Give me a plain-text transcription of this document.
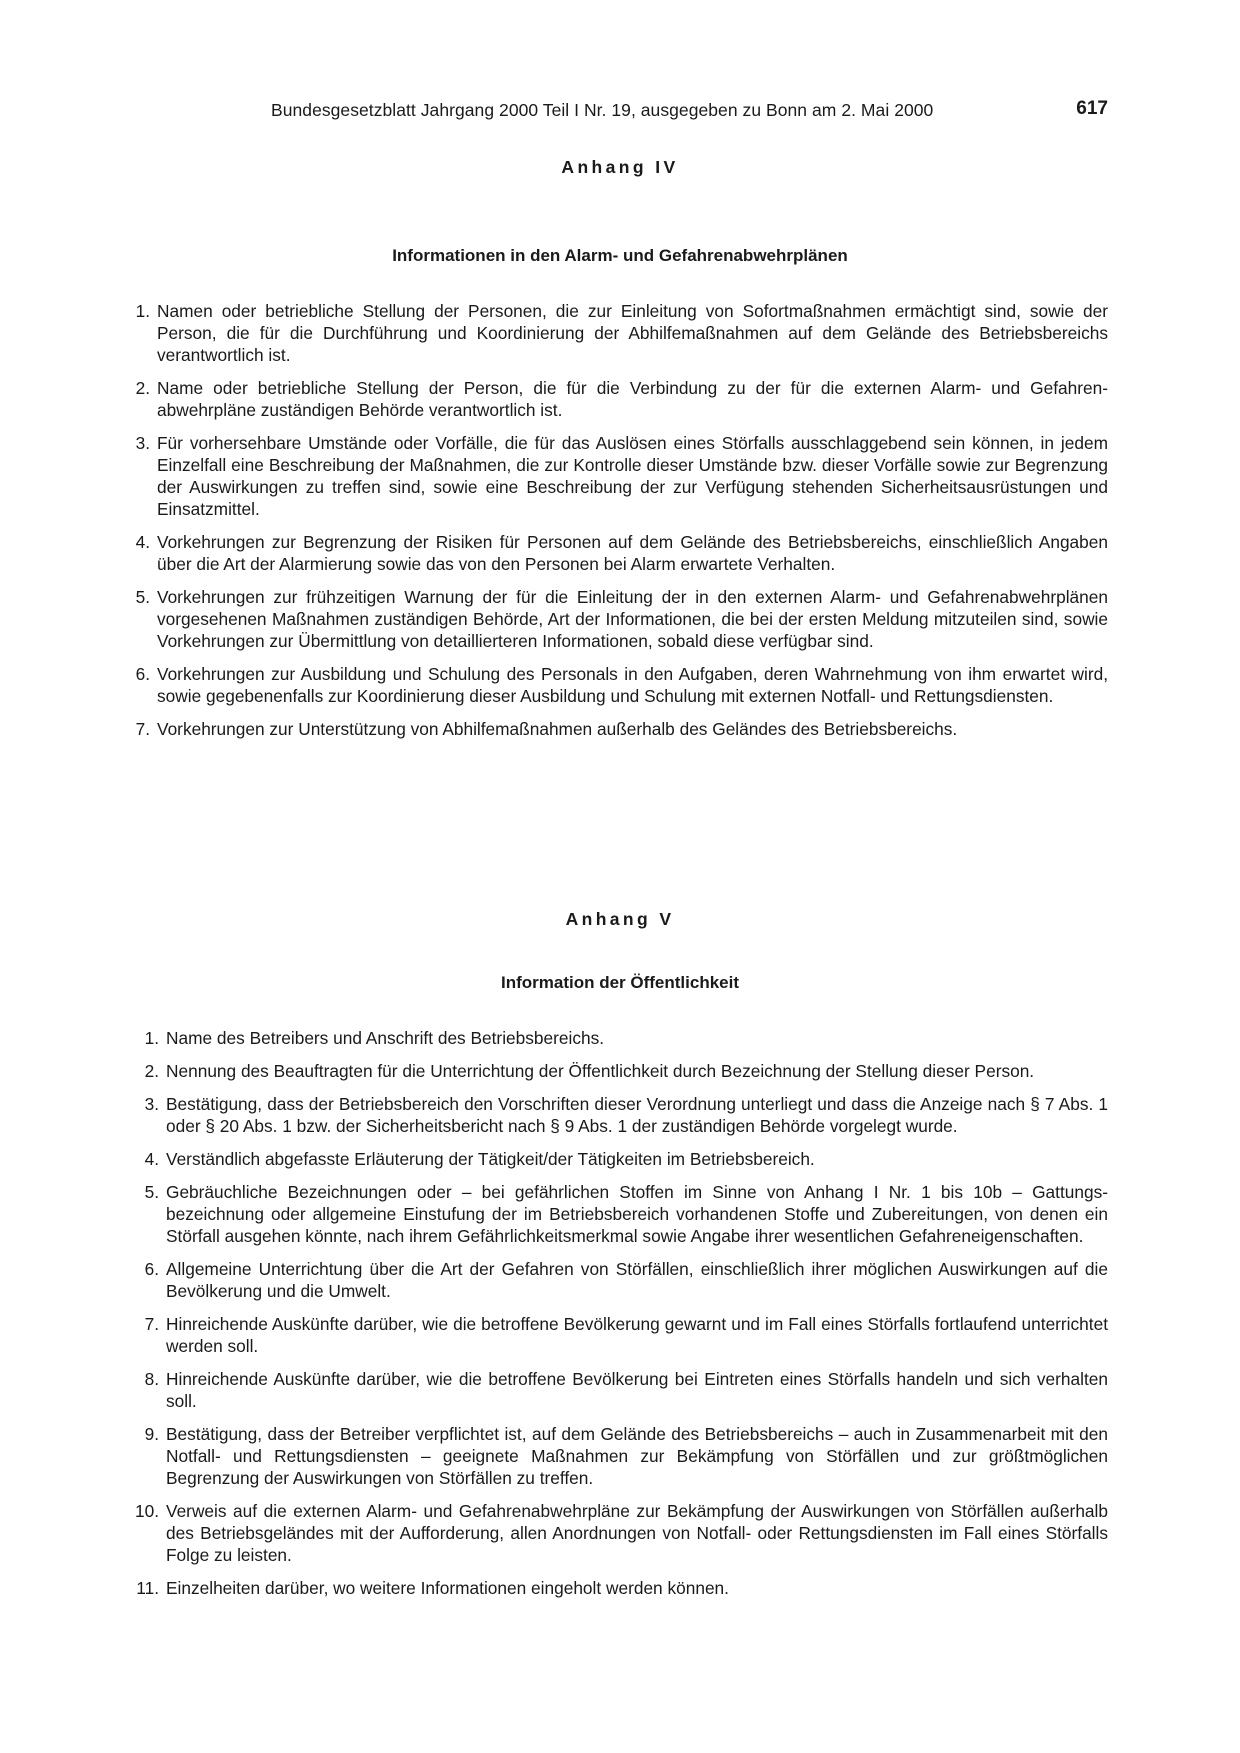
Bundesgesetzblatt Jahrgang 2000 Teil I Nr. 19, ausgegeben zu Bonn am 2. Mai 2000	617
Anhang IV
Informationen in den Alarm- und Gefahrenabwehrplänen
1. Namen oder betriebliche Stellung der Personen, die zur Einleitung von Sofortmaßnahmen ermächtigt sind, sowie der Person, die für die Durchführung und Koordinierung der Abhilfemaßnahmen auf dem Gelände des Betriebsbereichs verantwortlich ist.
2. Name oder betriebliche Stellung der Person, die für die Verbindung zu der für die externen Alarm- und Gefahrenabwehrpläne zuständigen Behörde verantwortlich ist.
3. Für vorhersehbare Umstände oder Vorfälle, die für das Auslösen eines Störfalls ausschlaggebend sein können, in jedem Einzelfall eine Beschreibung der Maßnahmen, die zur Kontrolle dieser Umstände bzw. dieser Vorfälle sowie zur Begrenzung der Auswirkungen zu treffen sind, sowie eine Beschreibung der zur Verfügung stehenden Sicherheitsausrüstungen und Einsatzmittel.
4. Vorkehrungen zur Begrenzung der Risiken für Personen auf dem Gelände des Betriebsbereichs, einschließlich Angaben über die Art der Alarmierung sowie das von den Personen bei Alarm erwartete Verhalten.
5. Vorkehrungen zur frühzeitigen Warnung der für die Einleitung der in den externen Alarm- und Gefahrenabwehrplänen vorgesehenen Maßnahmen zuständigen Behörde, Art der Informationen, die bei der ersten Meldung mitzuteilen sind, sowie Vorkehrungen zur Übermittlung von detaillierteren Informationen, sobald diese verfügbar sind.
6. Vorkehrungen zur Ausbildung und Schulung des Personals in den Aufgaben, deren Wahrnehmung von ihm erwartet wird, sowie gegebenenfalls zur Koordinierung dieser Ausbildung und Schulung mit externen Notfall- und Rettungsdiensten.
7. Vorkehrungen zur Unterstützung von Abhilfemaßnahmen außerhalb des Geländes des Betriebsbereichs.
Anhang V
Information der Öffentlichkeit
1. Name des Betreibers und Anschrift des Betriebsbereichs.
2. Nennung des Beauftragten für die Unterrichtung der Öffentlichkeit durch Bezeichnung der Stellung dieser Person.
3. Bestätigung, dass der Betriebsbereich den Vorschriften dieser Verordnung unterliegt und dass die Anzeige nach § 7 Abs. 1 oder § 20 Abs. 1 bzw. der Sicherheitsbericht nach § 9 Abs. 1 der zuständigen Behörde vorgelegt wurde.
4. Verständlich abgefasste Erläuterung der Tätigkeit/der Tätigkeiten im Betriebsbereich.
5. Gebräuchliche Bezeichnungen oder – bei gefährlichen Stoffen im Sinne von Anhang I Nr. 1 bis 10b – Gattungsbezeichnung oder allgemeine Einstufung der im Betriebsbereich vorhandenen Stoffe und Zubereitungen, von denen ein Störfall ausgehen könnte, nach ihrem Gefährlichkeitsmerkmal sowie Angabe ihrer wesentlichen Gefahreneigenschaften.
6. Allgemeine Unterrichtung über die Art der Gefahren von Störfällen, einschließlich ihrer möglichen Auswirkungen auf die Bevölkerung und die Umwelt.
7. Hinreichende Auskünfte darüber, wie die betroffene Bevölkerung gewarnt und im Fall eines Störfalls fortlaufend unterrichtet werden soll.
8. Hinreichende Auskünfte darüber, wie die betroffene Bevölkerung bei Eintreten eines Störfalls handeln und sich verhalten soll.
9. Bestätigung, dass der Betreiber verpflichtet ist, auf dem Gelände des Betriebsbereichs – auch in Zusammenarbeit mit den Notfall- und Rettungsdiensten – geeignete Maßnahmen zur Bekämpfung von Störfällen und zur größtmöglichen Begrenzung der Auswirkungen von Störfällen zu treffen.
10. Verweis auf die externen Alarm- und Gefahrenabwehrpläne zur Bekämpfung der Auswirkungen von Störfällen außerhalb des Betriebsgeländes mit der Aufforderung, allen Anordnungen von Notfall- oder Rettungsdiensten im Fall eines Störfalls Folge zu leisten.
11. Einzelheiten darüber, wo weitere Informationen eingeholt werden können.
